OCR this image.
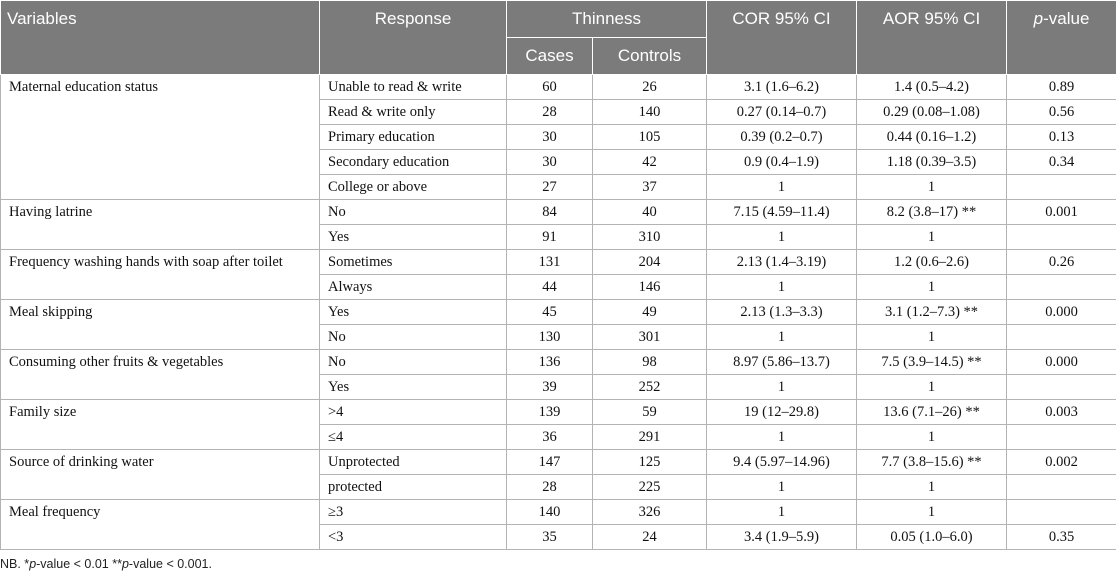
Variables	Response	Thinness		COR 95% CI	AOR 95% CI	p-value
		Cases	Controls			
Maternal education status	Unable to read & write	60	26	3.1 (1.6–6.2)	1.4 (0.5–4.2)	0.89
	Read & write only	28	140	0.27 (0.14–0.7)	0.29 (0.08–1.08)	0.56
	Primary education	30	105	0.39 (0.2–0.7)	0.44 (0.16–1.2)	0.13
	Secondary education	30	42	0.9 (0.4–1.9)	1.18 (0.39–3.5)	0.34
	College or above	27	37	1	1	
Having latrine	No	84	40	7.15 (4.59–11.4)	8.2 (3.8–17) **	0.001
	Yes	91	310	1	1	
Frequency washing hands with soap after toilet	Sometimes	131	204	2.13 (1.4–3.19)	1.2 (0.6–2.6)	0.26
	Always	44	146	1	1	
Meal skipping	Yes	45	49	2.13 (1.3–3.3)	3.1 (1.2–7.3) **	0.000
	No	130	301	1	1	
Consuming other fruits & vegetables	No	136	98	8.97 (5.86–13.7)	7.5 (3.9–14.5) **	0.000
	Yes	39	252	1	1	
Family size	>4	139	59	19 (12–29.8)	13.6 (7.1–26) **	0.003
	≤4	36	291	1	1	
Source of drinking water	Unprotected	147	125	9.4 (5.97–14.96)	7.7 (3.8–15.6) **	0.002
	protected	28	225	1	1	
Meal frequency	≥3	140	326	1	1	
	<3	35	24	3.4 (1.9–5.9)	0.05 (1.0–6.0)	0.35
NB. *p-value < 0.01 **p-value < 0.001.
